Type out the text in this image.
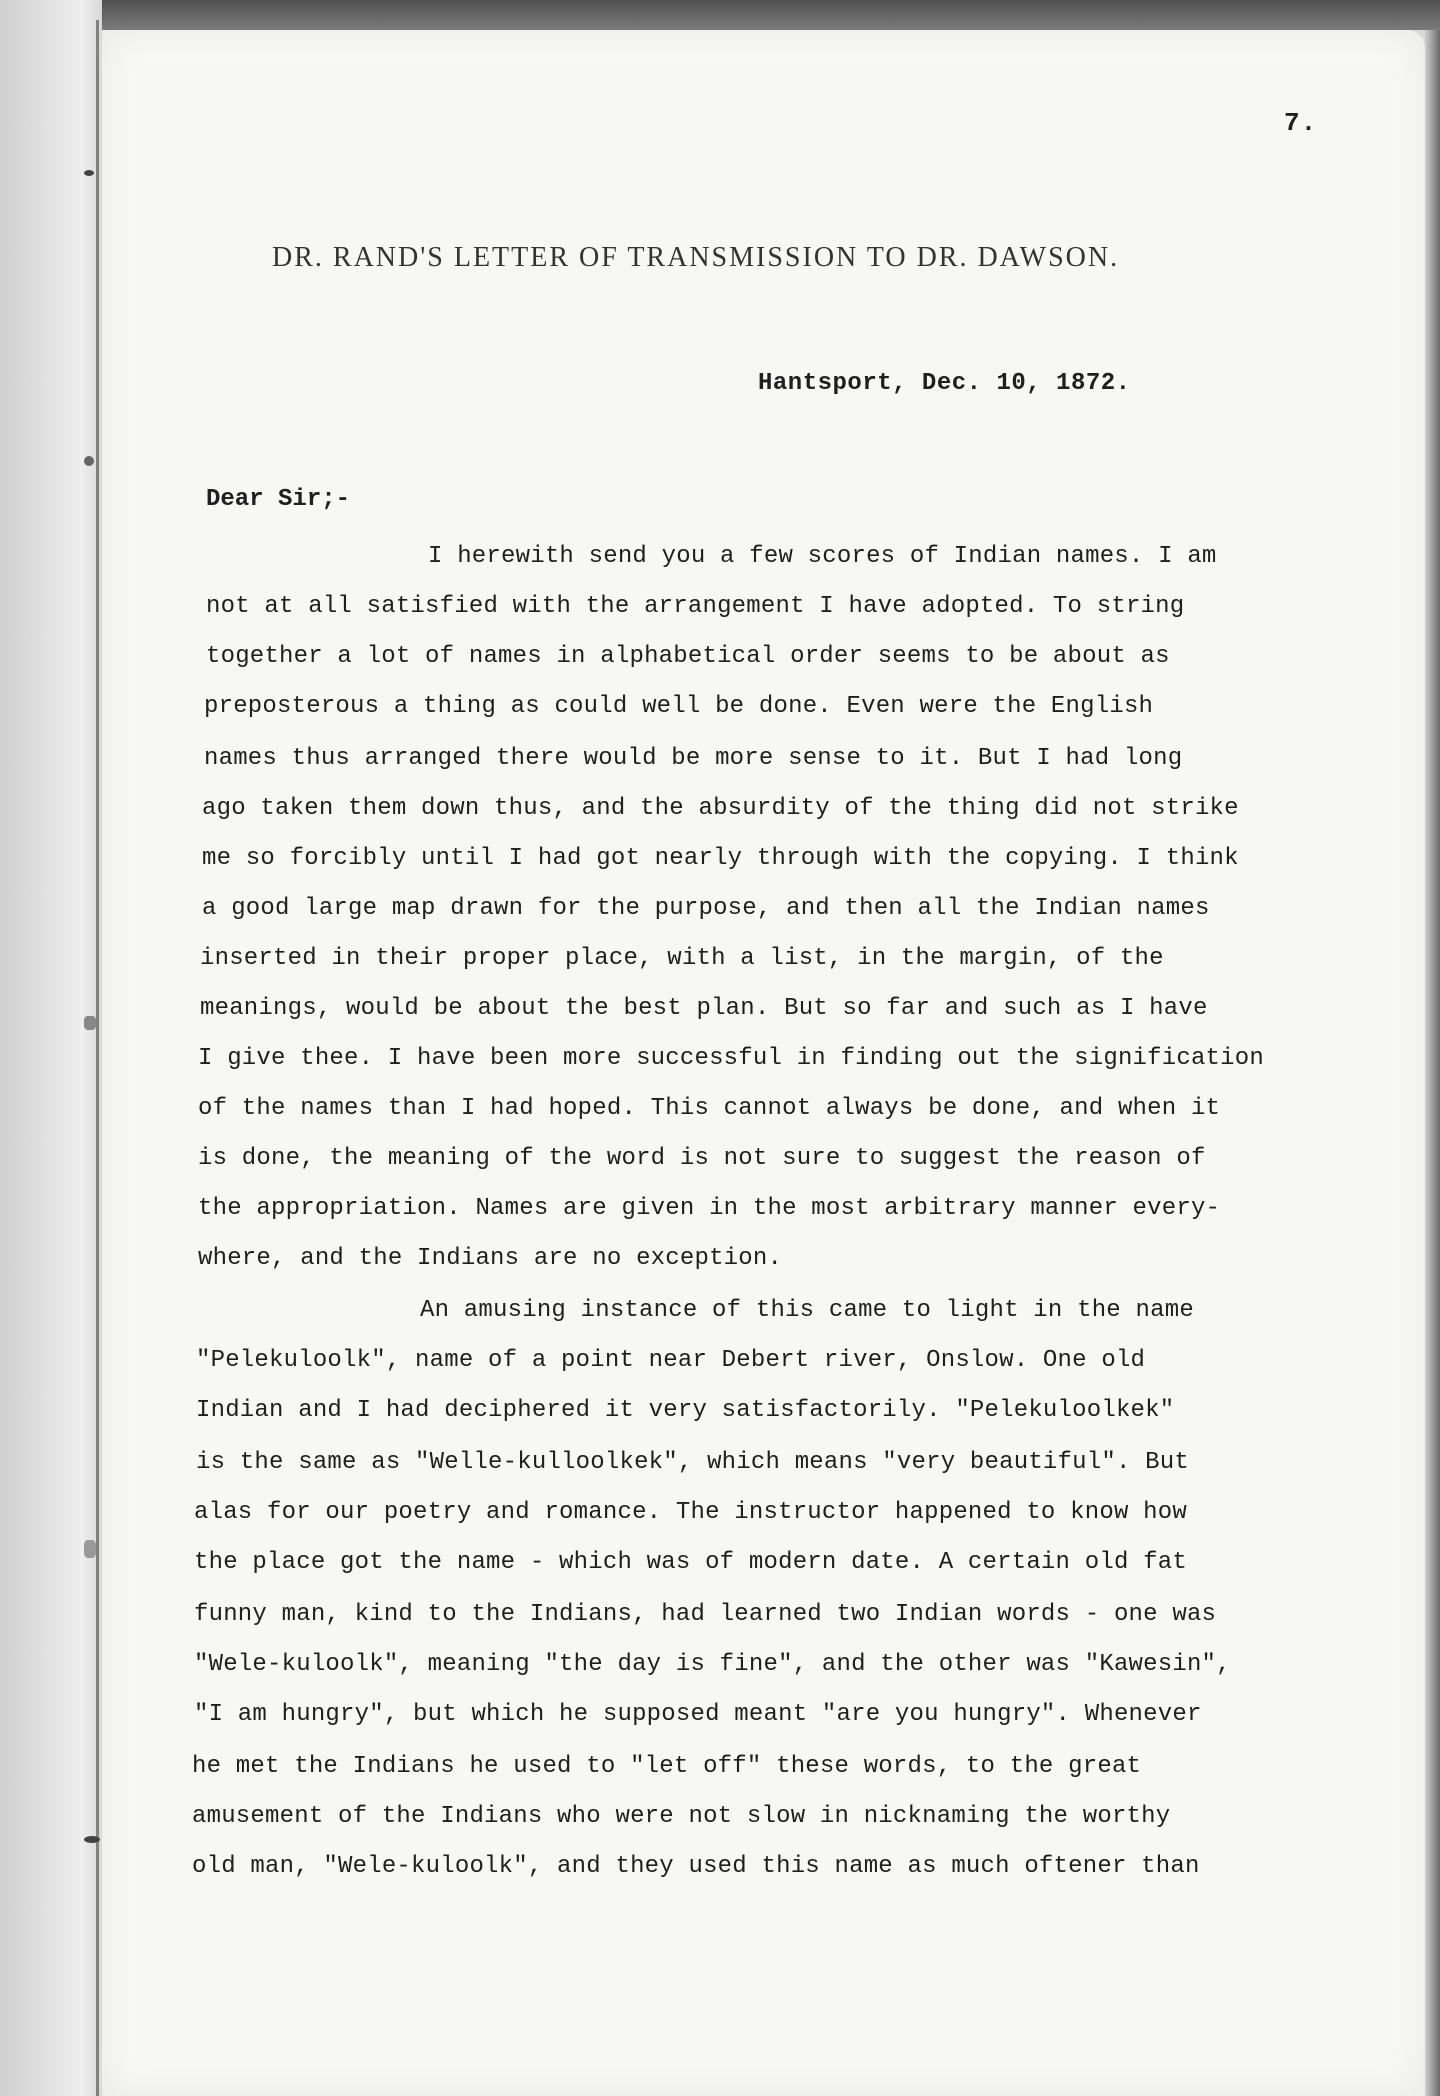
7.
DR. RAND'S LETTER OF TRANSMISSION TO DR. DAWSON.
Hantsport, Dec. 10, 1872.
Dear Sir;-
I herewith send you a few scores of Indian names. I am
not at all satisfied with the arrangement I have adopted. To string
together a lot of names in alphabetical order seems to be about as
preposterous a thing as could well be done. Even were the English
names thus arranged there would be more sense to it. But I had long
ago taken them down thus, and the absurdity of the thing did not strike
me so forcibly until I had got nearly through with the copying. I think
a good large map drawn for the purpose, and then all the Indian names
inserted in their proper place, with a list, in the margin, of the
meanings, would be about the best plan. But so far and such as I have
I give thee. I have been more successful in finding out the signification
of the names than I had hoped. This cannot always be done, and when it
is done, the meaning of the word is not sure to suggest the reason of
the appropriation. Names are given in the most arbitrary manner every-
where, and the Indians are no exception.
An amusing instance of this came to light in the name
"Pelekuloolk", name of a point near Debert river, Onslow. One old
Indian and I had deciphered it very satisfactorily. "Pelekuloolkek"
is the same as "Welle-kulloolkek", which means "very beautiful". But
alas for our poetry and romance. The instructor happened to know how
the place got the name - which was of modern date. A certain old fat
funny man, kind to the Indians, had learned two Indian words - one was
"Wele-kuloolk", meaning "the day is fine", and the other was "Kawesin",
"I am hungry", but which he supposed meant "are you hungry". Whenever
he met the Indians he used to "let off" these words, to the great
amusement of the Indians who were not slow in nicknaming the worthy
old man, "Wele-kuloolk", and they used this name as much oftener than
